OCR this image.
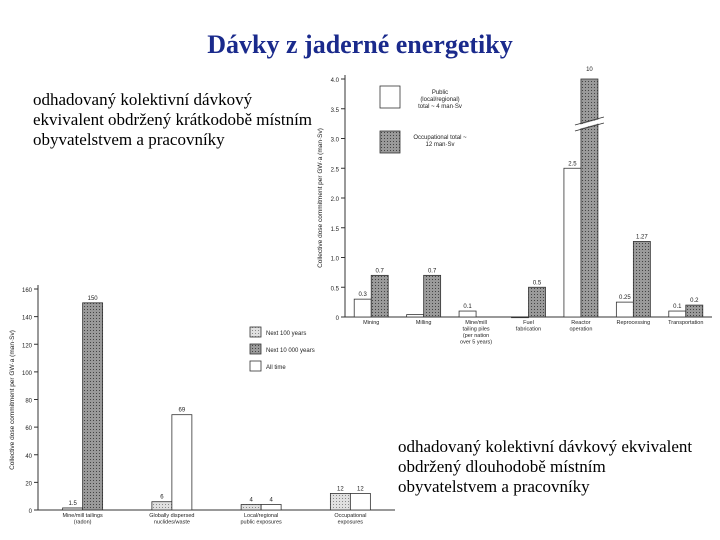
Dávky z jaderné energetiky
odhadovaný kolektivní dávkový ekvivalent obdržený krátkodobě místním obyvatelstvem a pracovníky
odhadovaný kolektivní dávkový ekvivalent obdržený dlouhodobě místním obyvatelstvem a pracovníky
0
0.5
1.0
1.5
2.0
2.5
3.0
3.5
4.0
Collective dose commitment per GW·a (man·Sv)
0.3
0.7
Mining
0.7
Milling
0.1
Mine/mill tailing piles (per nation over 5 years)
0.5
Fuel fabrication
2.5
10
Reactor operation
0.25
1.27
Reprocessing
0.1
0.2
Transportation
Public (local/regional) total ~ 4 man·Sv
Occupational total ~ 12 man·Sv
0
20
40
60
80
100
120
140
160
Collective dose commitment per GW·a (man·Sv)
1.5
150
Mine/mill tailings (radon)
6
69
Globally dispersed nuclides/waste
4	4
Local/regional public exposures
12 12
Occupational exposures
Next 100 years
Next 10 000 years
All time
